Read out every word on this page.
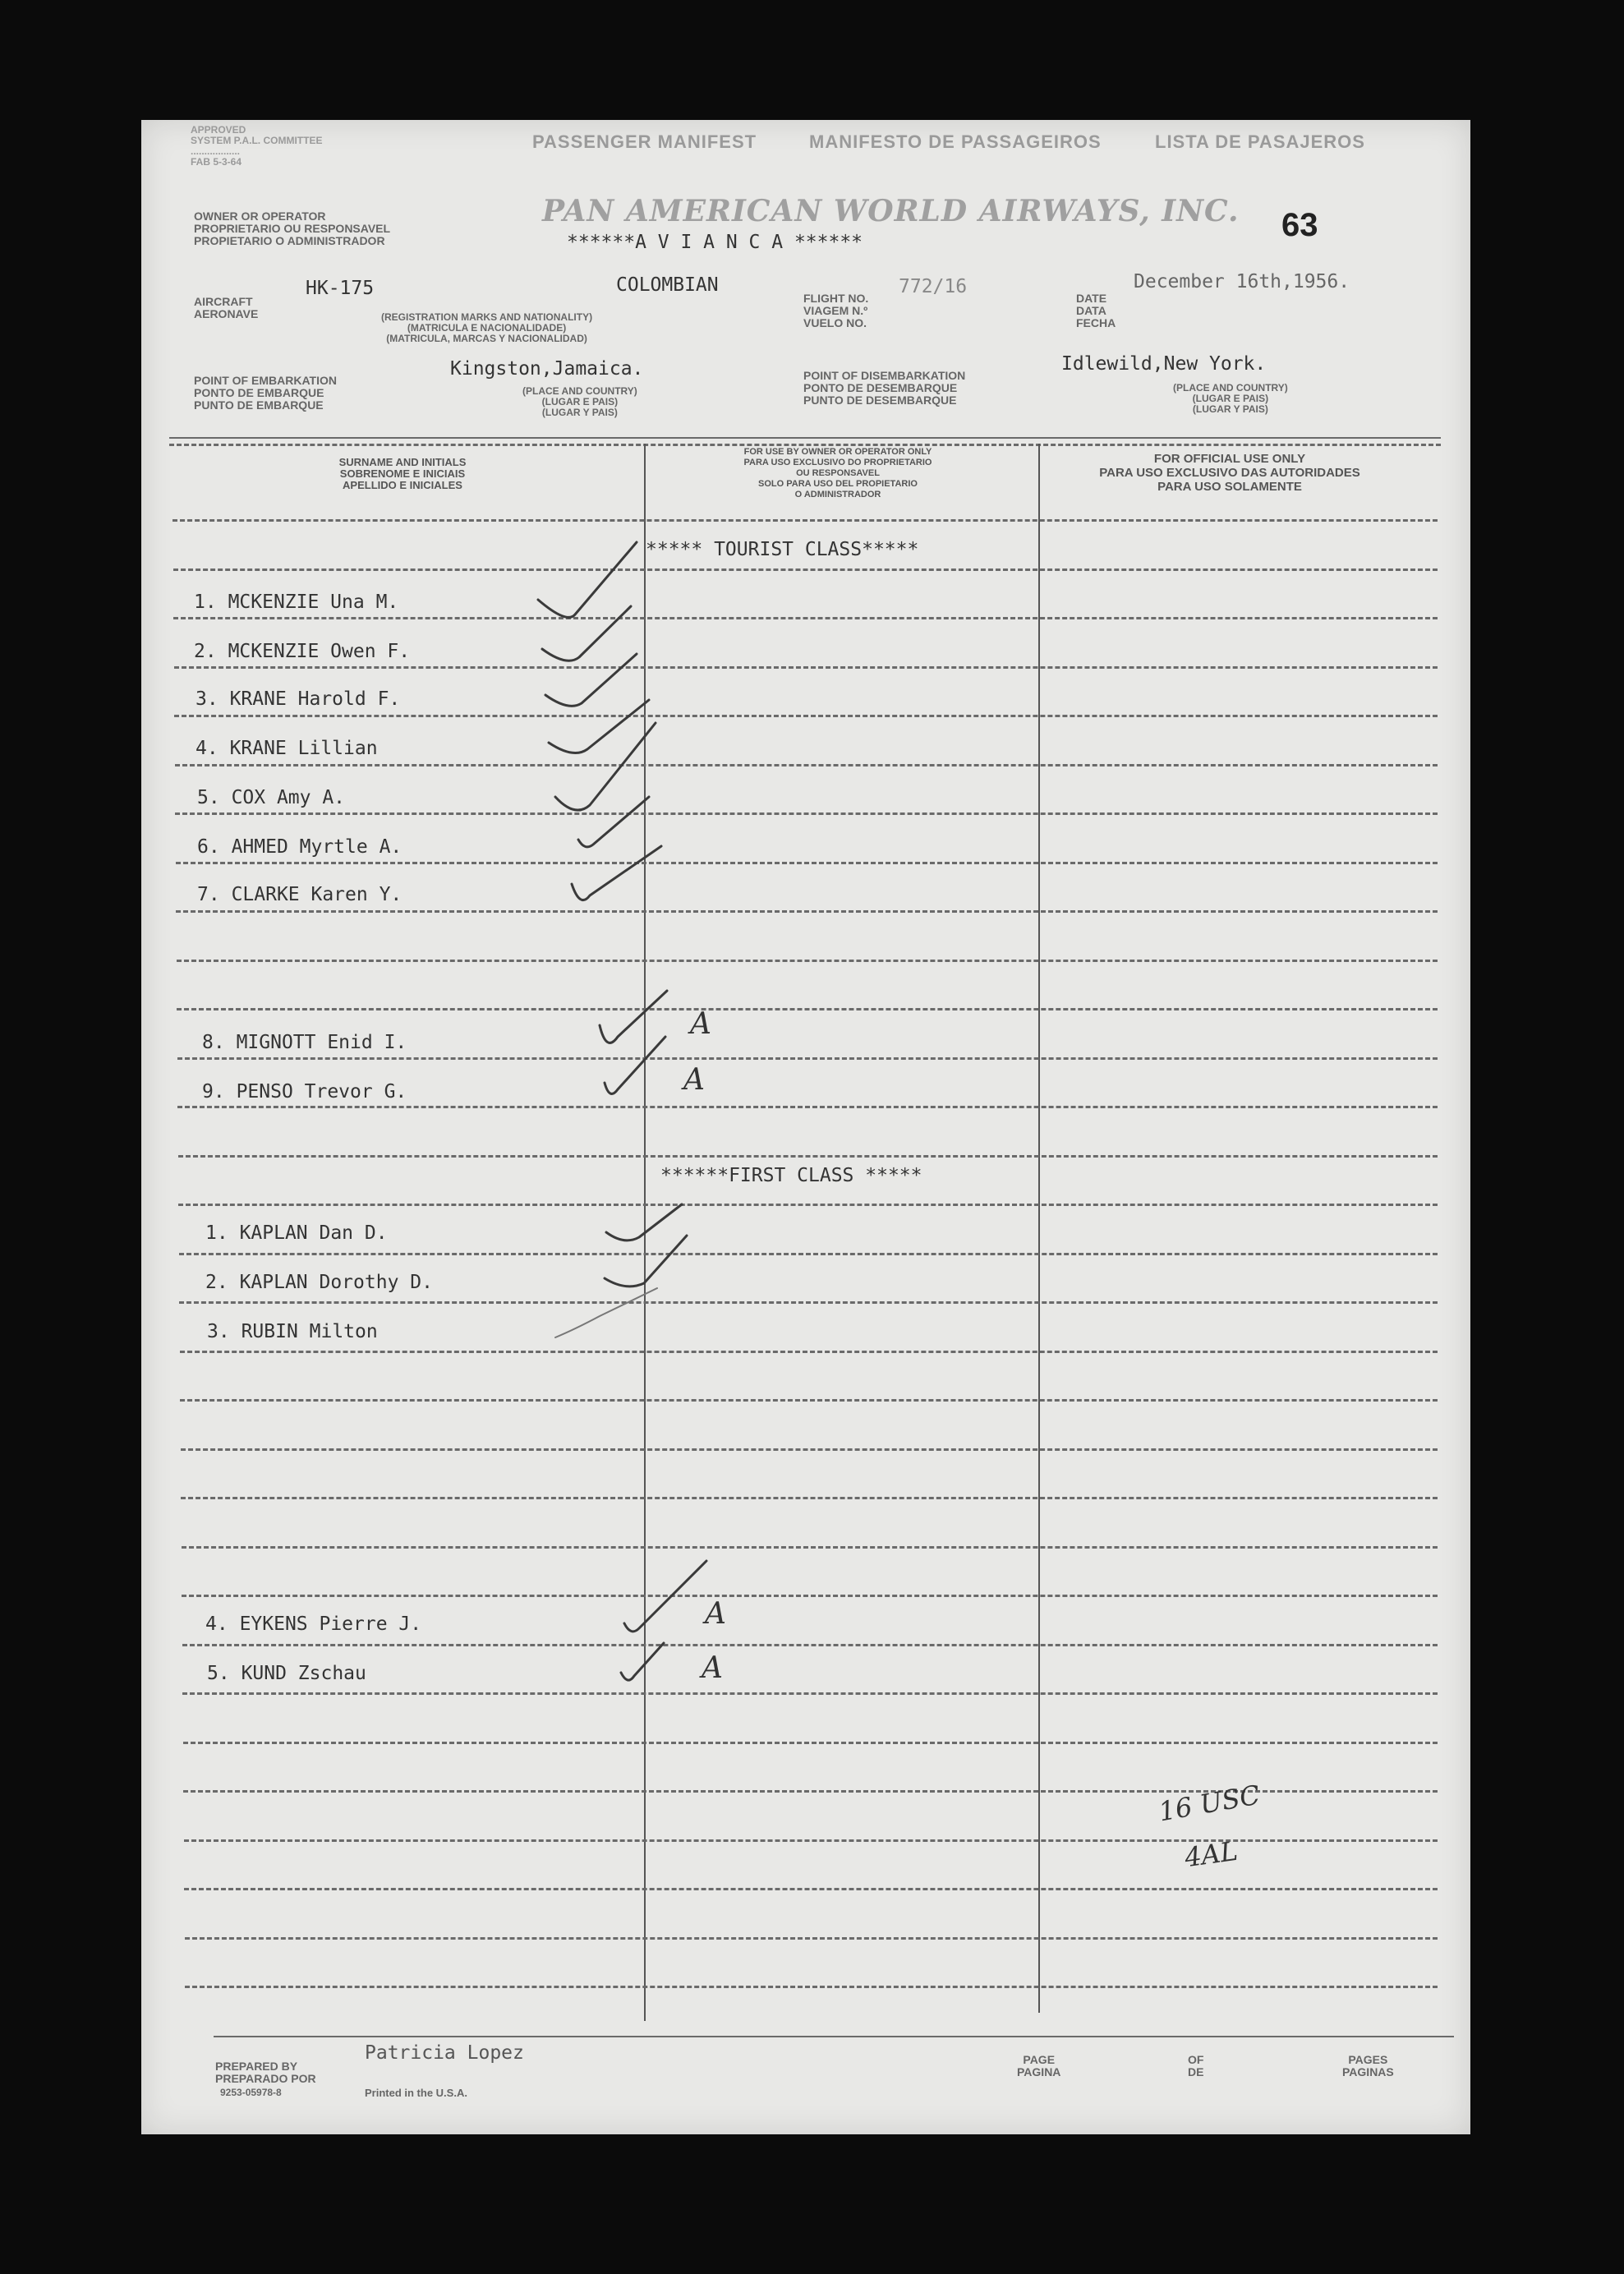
APPROVED
SYSTEM P.A.L. COMMITTEE
..................
FAB 5-3-64
PASSENGER MANIFEST	MANIFESTO DE PASSAGEIROS	LISTA DE PASAJEROS
OWNER OR OPERATOR
PROPRIETARIO OU RESPONSAVEL
PROPIETARIO O ADMINISTRADOR
PAN AMERICAN WORLD AIRWAYS, INC. 63
******A V I A N C A ******
AIRCRAFT
AERONAVE
HK-175	COLOMBIAN
(REGISTRATION MARKS AND NATIONALITY)
(MATRICULA E NACIONALIDADE)
(MATRICULA, MARCAS Y NACIONALIDAD)
FLIGHT NO.
VIAGEM N.º
VUELO NO.
772/16
DATE
DATA
FECHA
December 16th,1956.
POINT OF EMBARKATION
PONTO DE EMBARQUE
PUNTO DE EMBARQUE
Kingston,Jamaica.
(PLACE AND COUNTRY)
(LUGAR E PAIS)
(LUGAR Y PAIS)
POINT OF DISEMBARKATION
PONTO DE DESEMBARQUE
PUNTO DE DESEMBARQUE
Idlewild,New York.
(PLACE AND COUNTRY)
(LUGAR E PAIS)
(LUGAR Y PAIS)
SURNAME AND INITIALS
SOBRENOME E INICIAIS
APELLIDO E INICIALES
FOR USE BY OWNER OR OPERATOR ONLY
PARA USO EXCLUSIVO DO PROPRIETARIO
OU RESPONSAVEL
SOLO PARA USO DEL PROPIETARIO
O ADMINISTRADOR
FOR OFFICIAL USE ONLY
PARA USO EXCLUSIVO DAS AUTORIDADES
PARA USO SOLAMENTE
***** TOURIST CLASS*****
******FIRST CLASS *****
1. MCKENZIE Una M.
2. MCKENZIE Owen F.
3. KRANE Harold F.
4. KRANE Lillian
5. COX Amy A.
6. AHMED Myrtle A.
7. CLARKE Karen Y.
8. MIGNOTT Enid I.
9. PENSO Trevor G.
1. KAPLAN Dan D.
2. KAPLAN Dorothy D.
3. RUBIN Milton
4. EYKENS Pierre J.
5. KUND Zschau
A
A
A
A
16 USC
4AL
PREPARED BY
PREPARADO POR
Patricia Lopez
9253-05978-8	Printed in the U.S.A.
PAGE
PAGINA
OF
DE
PAGES
PAGINAS
